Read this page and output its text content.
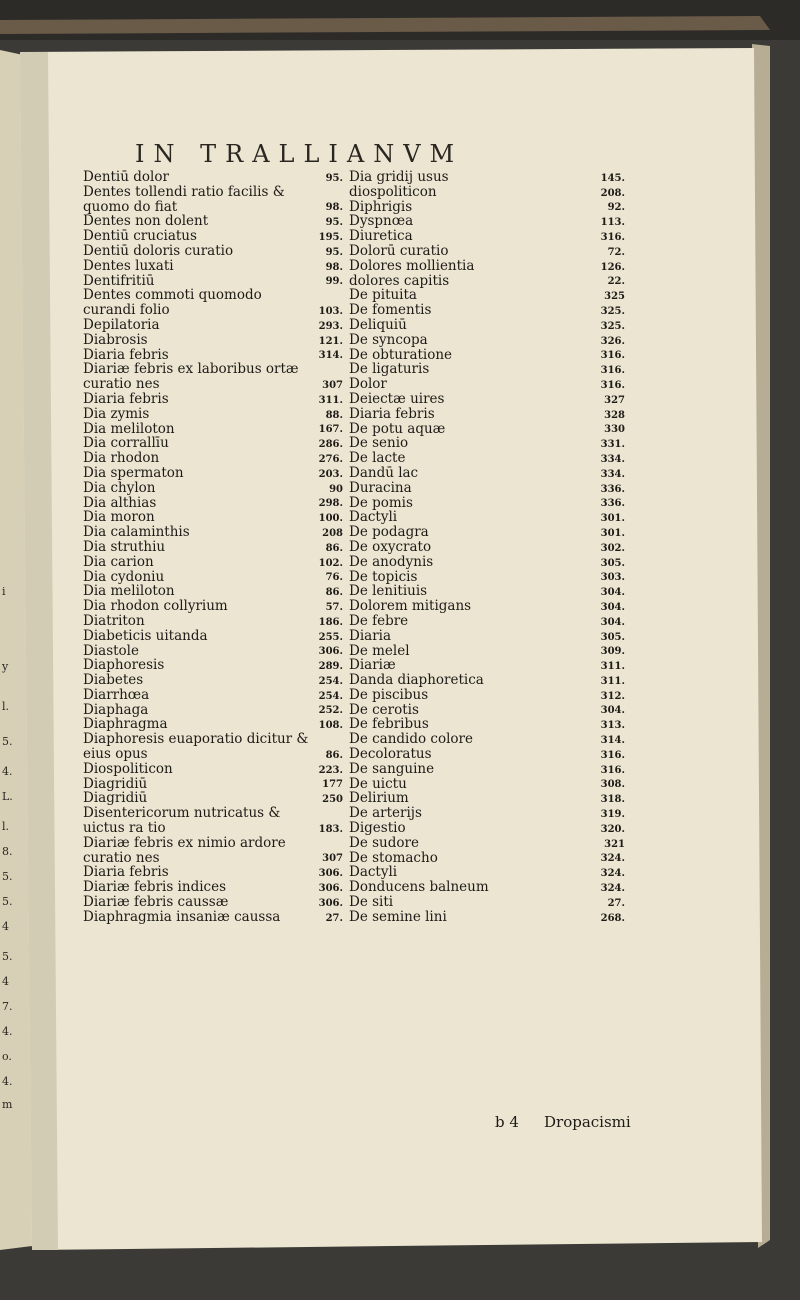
i
y
l.
5.
4.
L.
l.
8.
5.
5.
4
5.
4
7.
4.
o.
4.
m
IN TRALLIANVM
Dentiū dolor	95.
Dentes tollendi ratio facilis & quomo do fiat	98.
Dentes non dolent	95.
Dentiū cruciatus	195.
Dentiū doloris curatio	95.
Dentes luxati	98.
Dentifritiū	99.
Dentes commoti quomodo curandi folio	103.
Depilatoria	293.
Diabrosis	121.
Diaria febris	314.
Diariæ febris ex laboribus ortæ curatio nes	307
Diaria febris	311.
Dia zymis	88.
Dia meliloton	167.
Dia corrallīu	286.
Dia rhodon	276.
Dia spermaton	203.
Dia chylon	90
Dia althias	298.
Dia moron	100.
Dia calaminthis	208
Dia struthiu	86.
Dia carion	102.
Dia cydoniu	76.
Dia meliloton	86.
Dia rhodon collyrium	57.
Diatriton	186.
Diabeticis uitanda	255.
Diastole	306.
Diaphoresis	289.
Diabetes	254.
Diarrhœa	254.
Diaphaga	252.
Diaphragma	108.
Diaphoresis euaporatio dicitur & eius opus	86.
Diospoliticon	223.
Diagridiū	177
Diagridiū	250
Disentericorum nutricatus & uictus ra tio	183.
Diariæ febris ex nimio ardore curatio nes	307
Diaria febris	306.
Diariæ febris indices	306.
Diariæ febris caussæ	306.
Diaphragmia insaniæ caussa	27.
Dia gridij usus	145.
diospoliticon	208.
Diphrigis	92.
Dyspnœa	113.
Diuretica	316.
Dolorū curatio	72.
Dolores mollientia	126.
dolores capitis	22.
De pituita	325
De fomentis	325.
Deliquiū	325.
De syncopa	326.
De obturatione	316.
De ligaturis	316.
Dolor	316.
Deiectæ uires	327
Diaria febris	328
De potu aquæ	330
De senio	331.
De lacte	334.
Dandū lac	334.
Duracina	336.
De pomis	336.
Dactyli	301.
De podagra	301.
De oxycrato	302.
De anodynis	305.
De topicis	303.
De lenitiuis	304.
Dolorem mitigans	304.
De febre	304.
Diaria	305.
De melel	309.
Diariæ	311.
Danda diaphoretica	311.
De piscibus	312.
De cerotis	304.
De febribus	313.
De candido colore	314.
Decoloratus	316.
De sanguine	316.
De uictu	308.
Delirium	318.
De arterijs	319.
Digestio	320.
De sudore	321
De stomacho	324.
Dactyli	324.
Donducens balneum	324.
De siti	27.
De semine lini	268.
b 4 Dropacismi
